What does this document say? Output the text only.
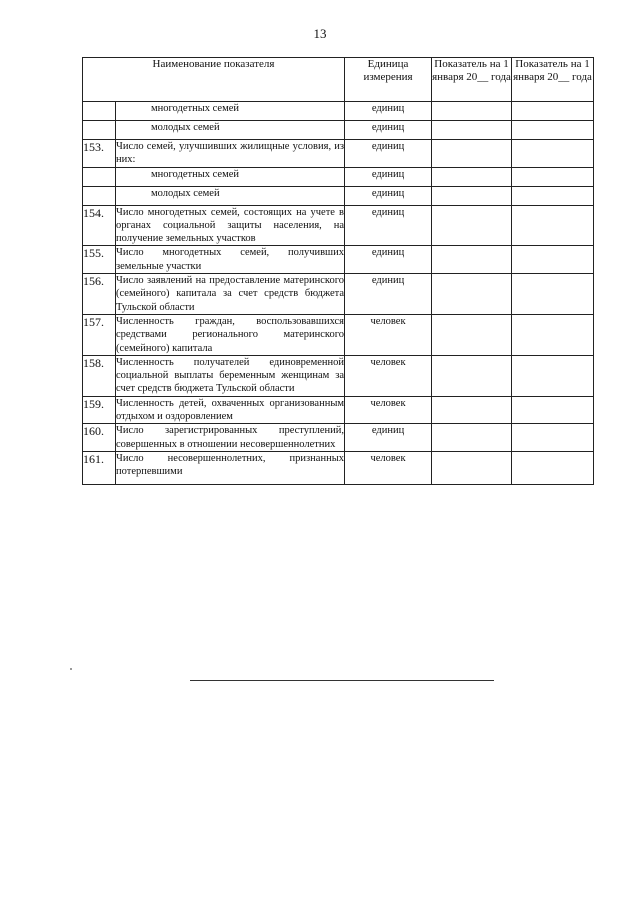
13
Наименование показателя		Единица измерения	Показатель на 1 января 20__ года	Показатель на 1 января 20__ года
	многодетных семей	единиц		
	молодых семей	единиц		
153.	Число семей, улучшивших жилищные условия, из них:	единиц		
	многодетных семей	единиц		
	молодых семей	единиц		
154.	Число многодетных семей, состоящих на учете в органах социальной защиты населения, на получение земельных участков	единиц		
155.	Число многодетных семей, получивших земельные участки	единиц		
156.	Число заявлений на предоставление материнского (семейного) капитала за счет средств бюджета Тульской области	единиц		
157.	Численность граждан, воспользовавшихся средствами регионального материнского (семейного) капитала	человек		
158.	Численность получателей единовременной социальной выплаты беременным женщинам за счет средств бюджета Тульской области	человек		
159.	Численность детей, охваченных организованным отдыхом и оздоровлением	человек		
160.	Число зарегистрированных преступлений, совершенных в отношении несовершеннолетних	единиц		
161.	Число несовершеннолетних, признанных потерпевшими	человек		
